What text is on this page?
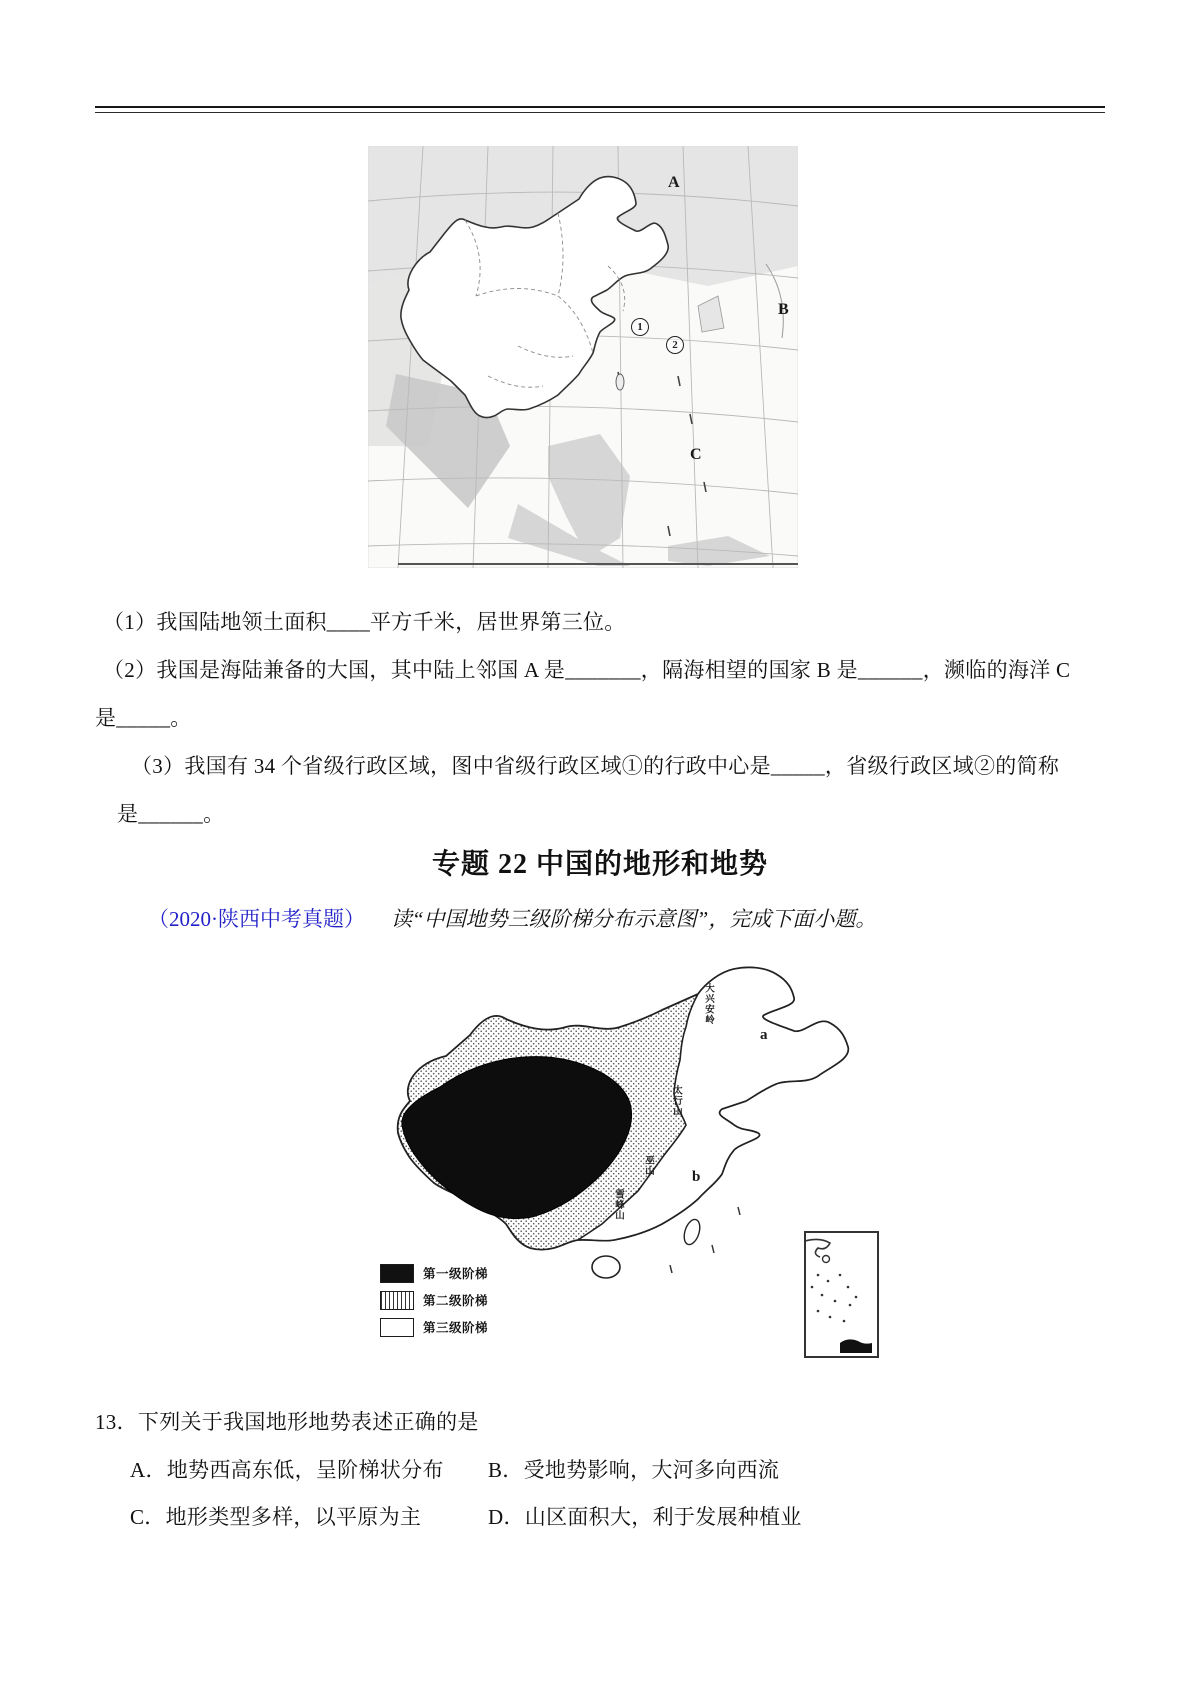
A
B
C
1
2
（1）我国陆地领土面积____平方千米，居世界第三位。
（2）我国是海陆兼备的大国，其中陆上邻国 A 是_______，隔海相望的国家 B 是______，濒临的海洋 C
是_____。
（3）我国有 34 个省级行政区域，图中省级行政区域①的行政中心是_____，省级行政区域②的简称
是______。
专题 22 中国的地形和地势
（2020·陕西中考真题） 读“中国地势三级阶梯分布示意图”，完成下面小题。
大兴安岭
太行山
巫山
雪峰山
a
b
第一级阶梯
第二级阶梯
第三级阶梯
13．下列关于我国地形地势表述正确的是
A．地势西高东低，呈阶梯状分布 B．受地势影响，大河多向西流
C．地形类型多样，以平原为主	D．山区面积大，利于发展种植业
